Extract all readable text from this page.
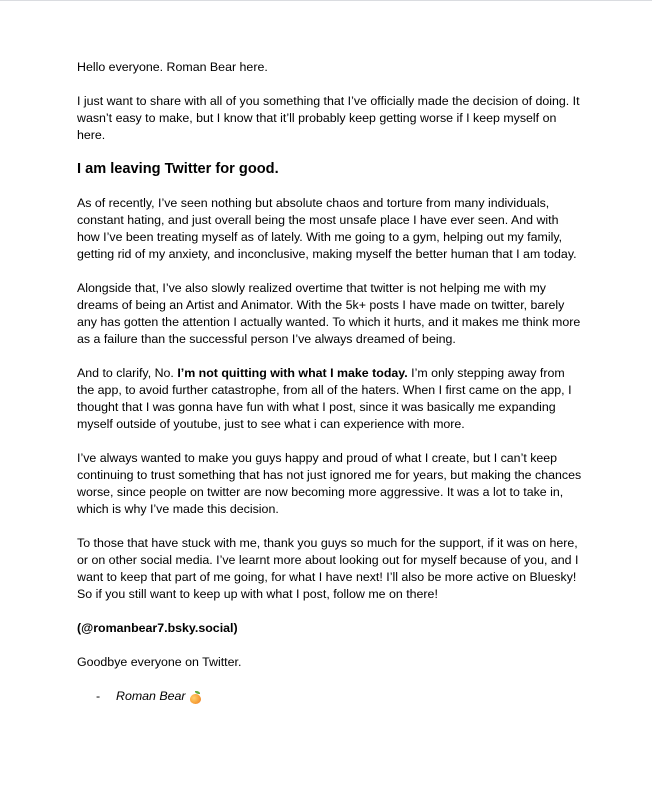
Hello everyone. Roman Bear here.

I just want to share with all of you something that I’ve officially made the decision of doing. It wasn’t easy to make, but I know that it’ll probably keep getting worse if I keep myself on here.

I am leaving Twitter for good.

As of recently, I’ve seen nothing but absolute chaos and torture from many individuals, constant hating, and just overall being the most unsafe place I have ever seen. And with how I’ve been treating myself as of lately. With me going to a gym, helping out my family, getting rid of my anxiety, and inconclusive, making myself the better human that I am today.

Alongside that, I’ve also slowly realized overtime that twitter is not helping me with my dreams of being an Artist and Animator. With the 5k+ posts I have made on twitter, barely any has gotten the attention I actually wanted. To which it hurts, and it makes me think more as a failure than the successful person I’ve always dreamed of being.

And to clarify, No. I’m not quitting with what I make today. I’m only stepping away from the app, to avoid further catastrophe, from all of the haters. When I first came on the app, I thought that I was gonna have fun with what I post, since it was basically me expanding myself outside of youtube, just to see what i can experience with more.

I’ve always wanted to make you guys happy and proud of what I create, but I can’t keep continuing to trust something that has not just ignored me for years, but making the chances worse, since people on twitter are now becoming more aggressive. It was a lot to take in, which is why I’ve made this decision.

To those that have stuck with me, thank you guys so much for the support, if it was on here, or on other social media. I’ve learnt more about looking out for myself because of you, and I want to keep that part of me going, for what I have next! I’ll also be more active on Bluesky! So if you still want to keep up with what I post, follow me on there!

(@romanbear7.bsky.social)

Goodbye everyone on Twitter.

-	Roman Bear
